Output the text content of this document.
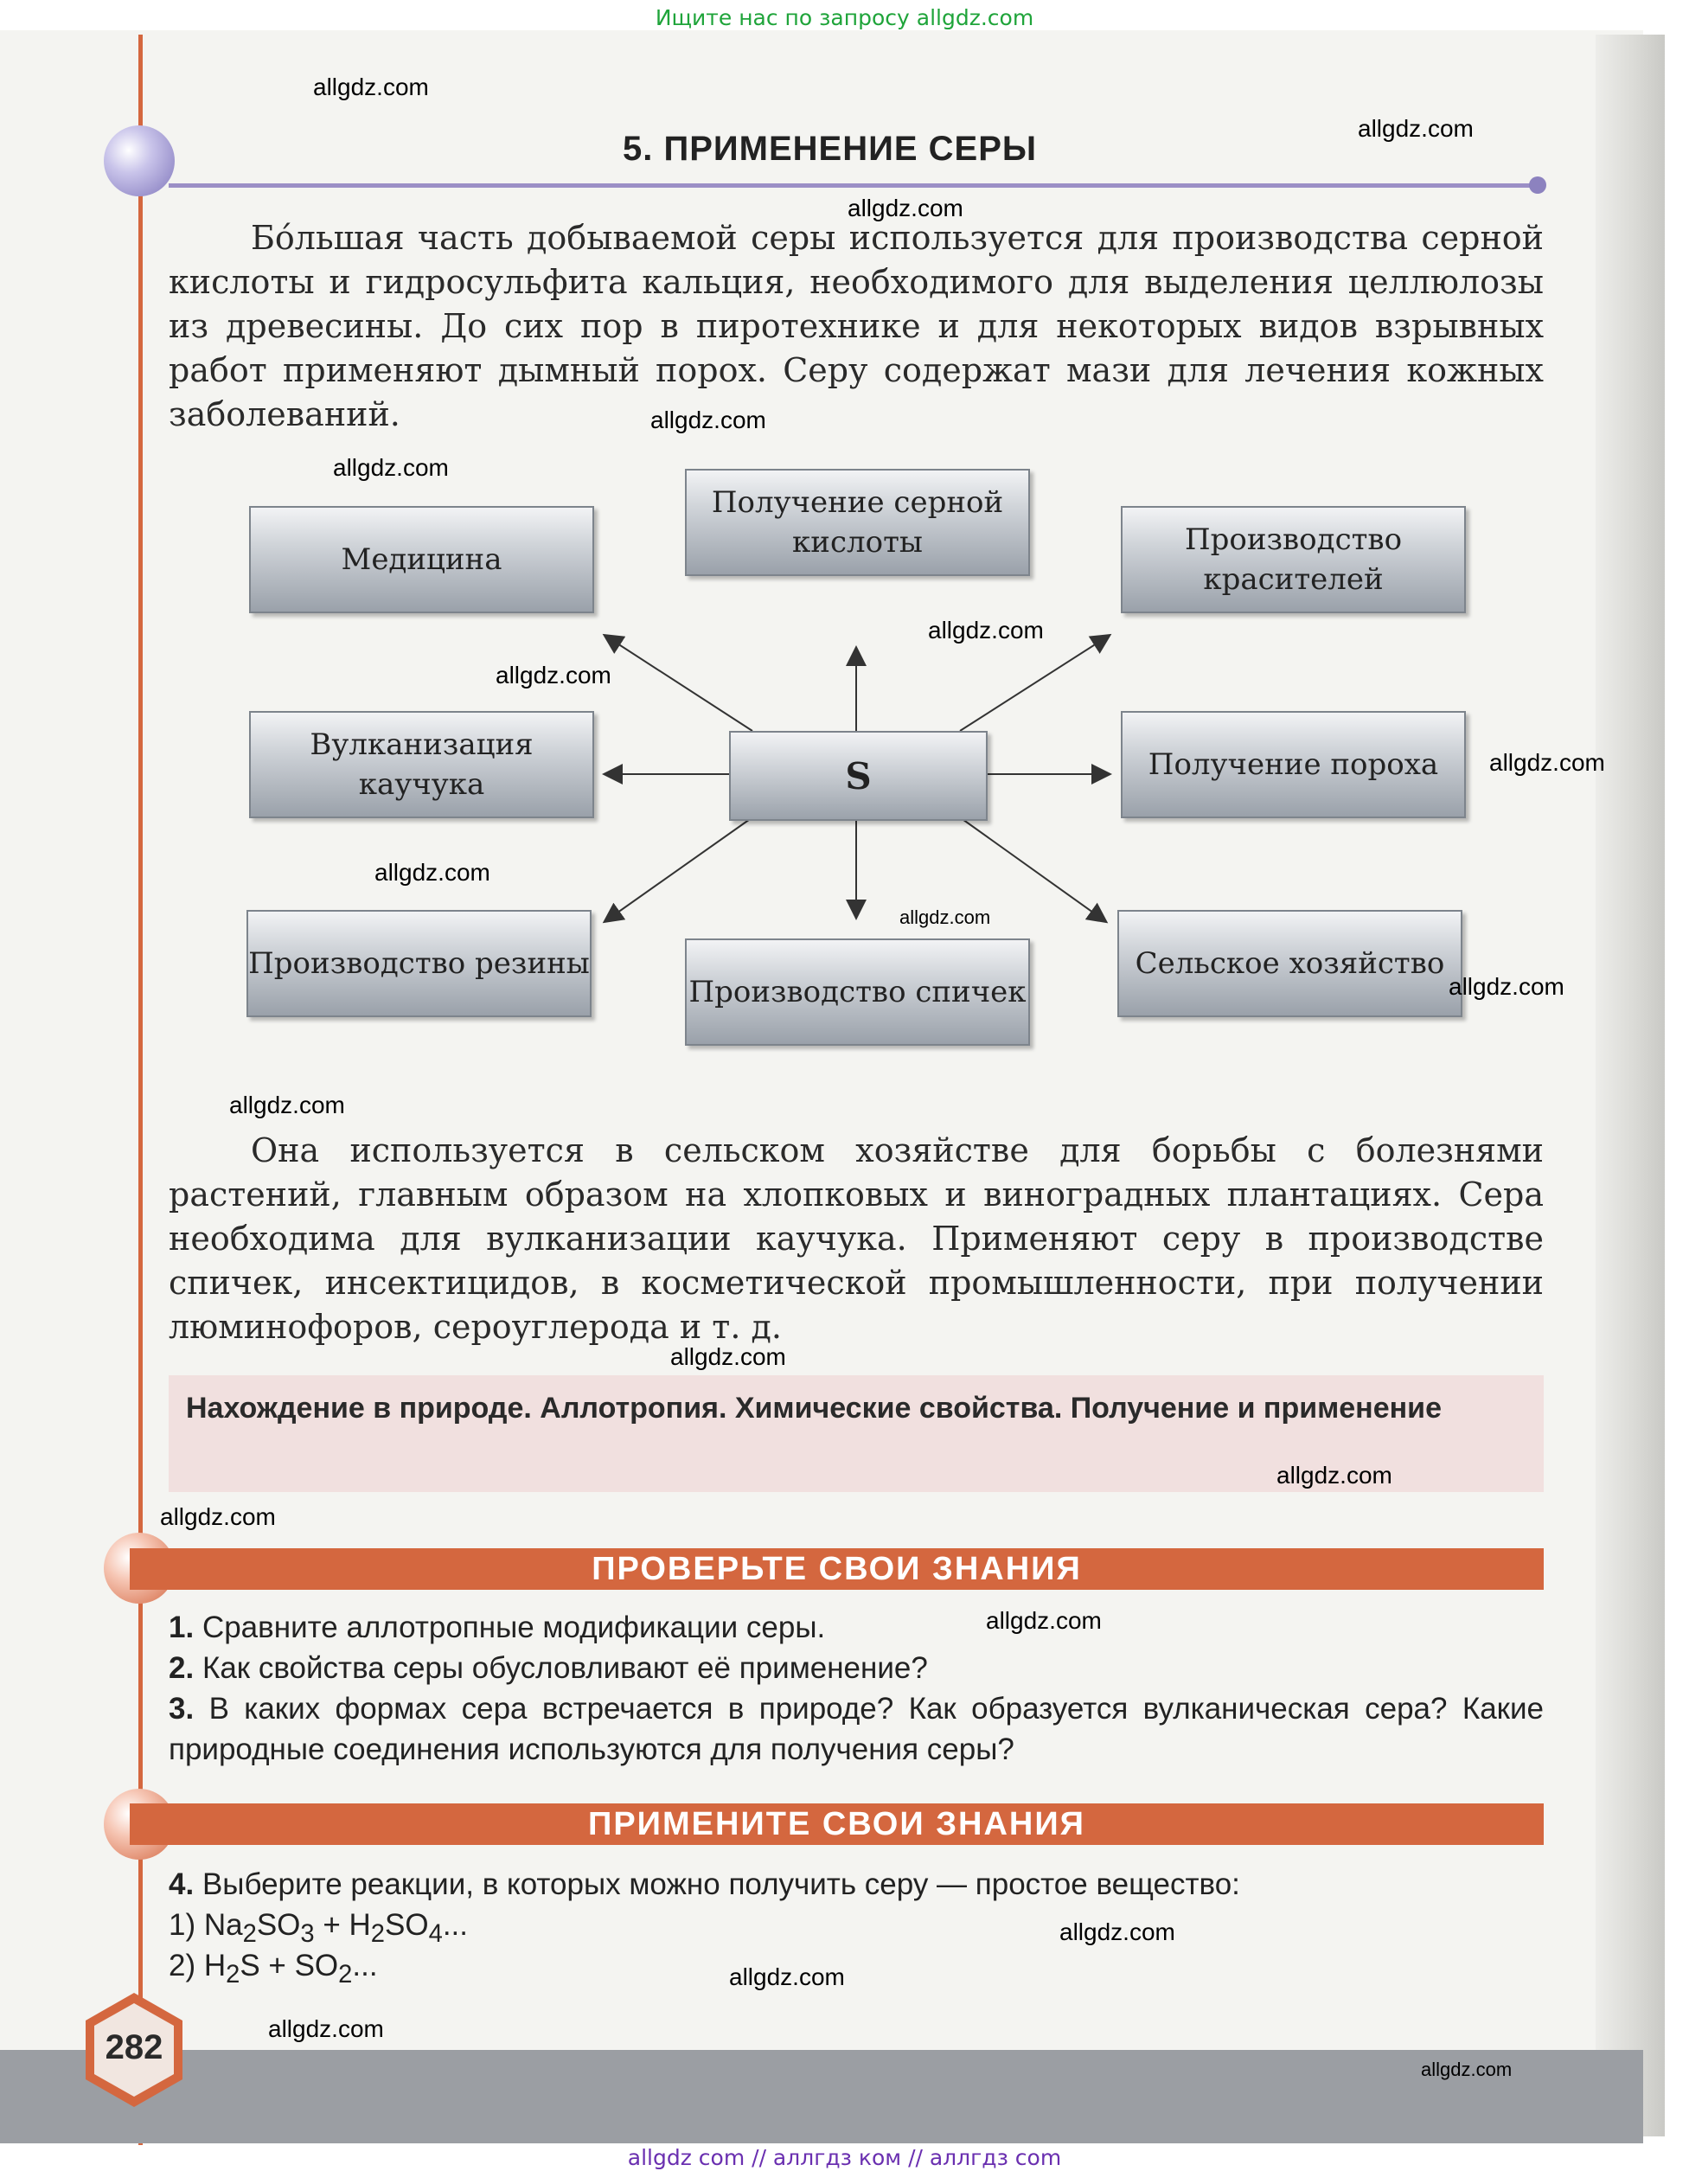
Ищите нас по запросу allgdz.com
5. ПРИМЕНЕНИЕ СЕРЫ

Бо́льшая часть добываемой серы используется для производства серной кислоты и гидросульфита кальция, необходимого для выделения целлюлозы из древесины. До сих пор в пиротехнике и для некоторых видов взрывных работ применяют дымный порох. Серу содержат мази для лечения кожных заболеваний.

Медицина
Получение серной кислоты	Производство красителей
Вулканизация каучука	S	Получение пороха
Производство резины
Производство спичек
Сельское хозяйство

Она используется в сельском хозяйстве для борьбы с болезнями растений, главным образом на хлопковых и виноградных плантациях. Сера необходима для вулканизации каучука. Применяют серу в производстве спичек, инсектицидов, в косметической промышленности, при получении люминофоров, сероуглерода и т. д.

Нахождение в природе. Аллотропия. Химические свойства. Получение и применение

ПРОВЕРЬТЕ СВОИ ЗНАНИЯ

1. Сравните аллотропные модификации серы.

2. Как свойства серы обусловливают её применение?

3. В каких формах сера встречается в природе? Как образуется вулканическая сера? Какие природные соединения используются для получения серы?

ПРИМЕНИТЕ СВОИ ЗНАНИЯ

4. Выберите реакции, в которых можно получить серу — простое вещество:

1) $Na_2SO_3 + H_2SO_4$...

2) $H_2S + SO_2$...

282
allgdz.com
allgdz.com
allgdz.com
allgdz.com
allgdz.com
allgdz.com
allgdz.com
allgdz.com
allgdz.com
allgdz.com
allgdz.com
allgdz.com
allgdz.com
allgdz.com
allgdz.com
allgdz.com
allgdz.com
allgdz.com
allgdz.com
allgdz.com
allgdz com // аллгдз ком // аллгдз com
